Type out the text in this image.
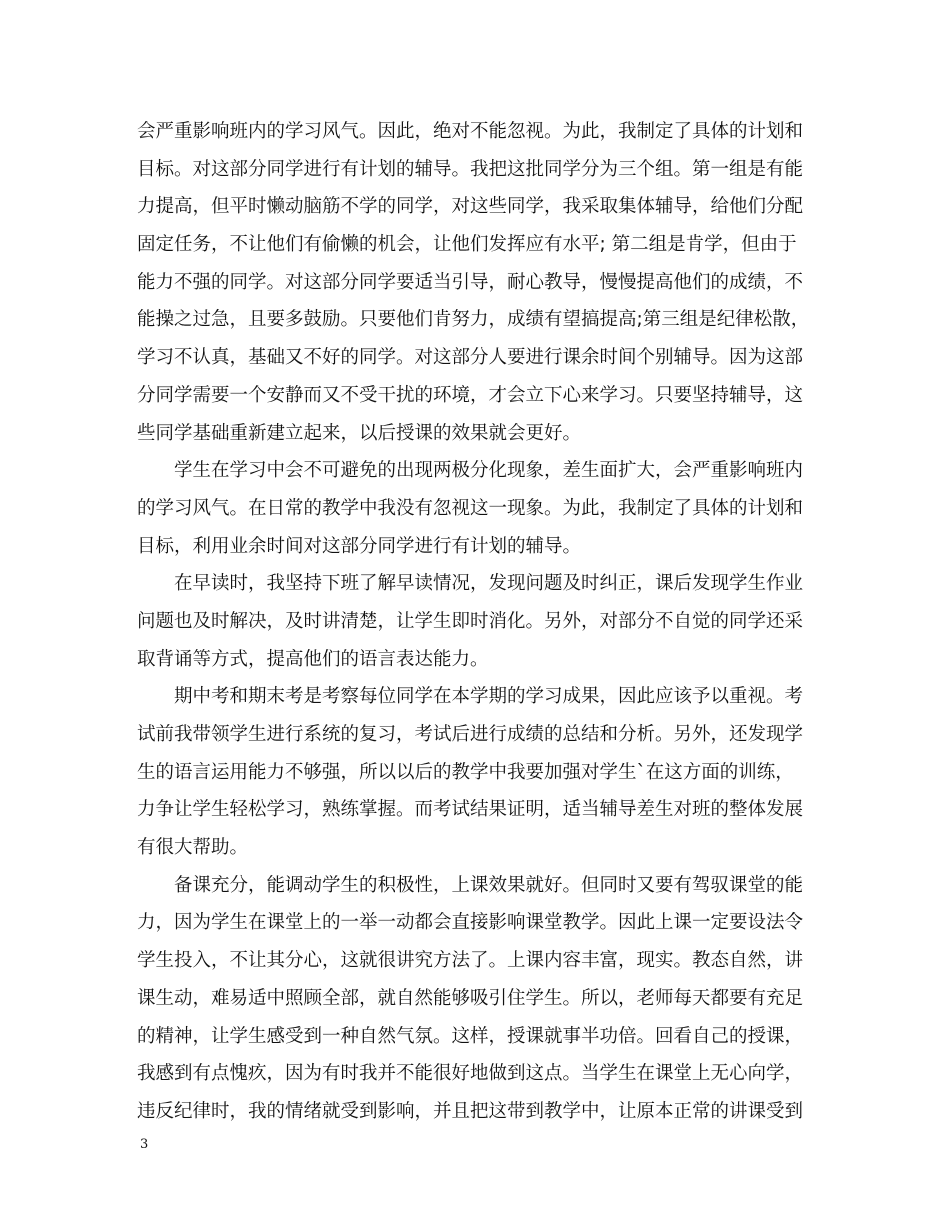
会严重影响班内的学习风气。因此，绝对不能忽视。为此，我制定了具体的计划和
目标。对这部分同学进行有计划的辅导。我把这批同学分为三个组。第一组是有能
力提高，但平时懒动脑筋不学的同学，对这些同学，我采取集体辅导，给他们分配
固定任务，不让他们有偷懒的机会，让他们发挥应有水平; 第二组是肯学，但由于
能力不强的同学。对这部分同学要适当引导，耐心教导，慢慢提高他们的成绩，不
能操之过急，且要多鼓励。只要他们肯努力，成绩有望搞提高;第三组是纪律松散，
学习不认真，基础又不好的同学。对这部分人要进行课余时间个别辅导。因为这部
分同学需要一个安静而又不受干扰的环境，才会立下心来学习。只要坚持辅导，这
些同学基础重新建立起来，以后授课的效果就会更好。
学生在学习中会不可避免的出现两极分化现象，差生面扩大，会严重影响班内
的学习风气。在日常的教学中我没有忽视这一现象。为此，我制定了具体的计划和
目标，利用业余时间对这部分同学进行有计划的辅导。
在早读时，我坚持下班了解早读情况，发现问题及时纠正，课后发现学生作业
问题也及时解决，及时讲清楚，让学生即时消化。另外，对部分不自觉的同学还采
取背诵等方式，提高他们的语言表达能力。
期中考和期末考是考察每位同学在本学期的学习成果，因此应该予以重视。考
试前我带领学生进行系统的复习，考试后进行成绩的总结和分析。另外，还发现学
生的语言运用能力不够强，所以以后的教学中我要加强对学生`在这方面的训练，
力争让学生轻松学习，熟练掌握。而考试结果证明，适当辅导差生对班的整体发展
有很大帮助。
备课充分，能调动学生的积极性，上课效果就好。但同时又要有驾驭课堂的能
力，因为学生在课堂上的一举一动都会直接影响课堂教学。因此上课一定要设法令
学生投入，不让其分心，这就很讲究方法了。上课内容丰富，现实。教态自然，讲
课生动，难易适中照顾全部，就自然能够吸引住学生。所以，老师每天都要有充足
的精神，让学生感受到一种自然气氛。这样，授课就事半功倍。回看自己的授课，
我感到有点愧疚，因为有时我并不能很好地做到这点。当学生在课堂上无心向学，
违反纪律时，我的情绪就受到影响，并且把这带到教学中，让原本正常的讲课受到
3
